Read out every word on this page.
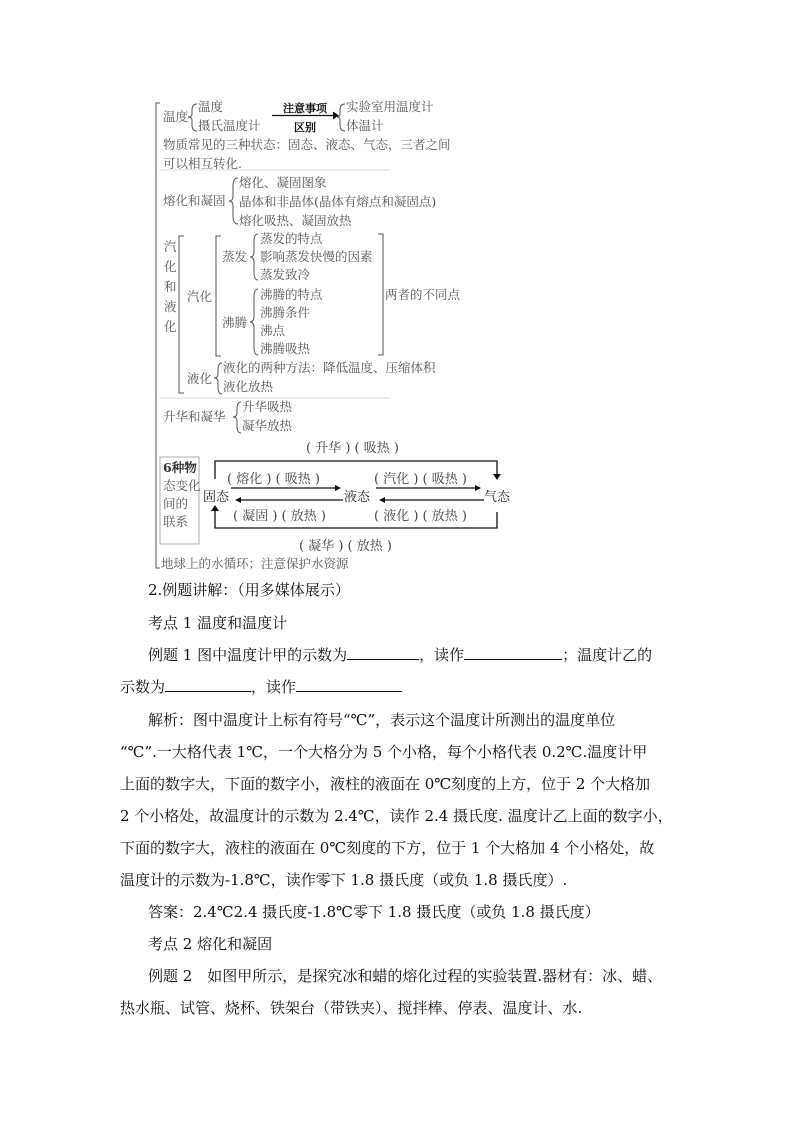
温度
温度
摄氏温度计
注意事项
区别
实验室用温度计
体温计
物质常见的三种状态：固态、液态、气态，三者之间
可以相互转化.
熔化和凝固
熔化、凝固图象
晶体和非晶体(晶体有熔点和凝固点)
熔化吸热、凝固放热
汽
化
和
液
化
汽化
蒸发
蒸发的特点
影响蒸发快慢的因素
蒸发致冷
沸腾
沸腾的特点
沸腾条件
沸点
沸腾吸热
两者的不同点
液化
液化的两种方法：降低温度、压缩体积
液化放热
升华和凝华
升华吸热
凝华放热
6种物
态变化
间的
联系
( 升华 ) ( 吸热 )
( 熔化 ) ( 吸热 )	( 汽化 ) ( 吸热 )
固态	液态	气态
( 凝固 ) ( 放热 )	( 液化 ) ( 放热 )
( 凝华 ) ( 放热 )
地球上的水循环；注意保护水资源
2.例题讲解：（用多媒体展示）
考点 1 温度和温度计
例题 1 图中温度计甲的示数为	，读作	；温度计乙的
示数为	，读作
解析：图中温度计上标有符号“℃”，表示这个温度计所测出的温度单位
“℃”.一大格代表 1℃，一个大格分为 5 个小格，每个小格代表 0.2℃.温度计甲
上面的数字大，下面的数字小，液柱的液面在 0℃刻度的上方，位于 2 个大格加
2 个小格处，故温度计的示数为 2.4℃，读作 2.4 摄氏度. 温度计乙上面的数字小，
下面的数字大，液柱的液面在 0℃刻度的下方，位于 1 个大格加 4 个小格处，故
温度计的示数为-1.8℃，读作零下 1.8 摄氏度（或负 1.8 摄氏度）.
答案：2.4℃2.4 摄氏度-1.8℃零下 1.8 摄氏度（或负 1.8 摄氏度）
考点 2 熔化和凝固
例题 2　如图甲所示，是探究冰和蜡的熔化过程的实验装置.器材有：冰、蜡、
热水瓶、试管、烧杯、铁架台（带铁夹）、搅拌棒、停表、温度计、水.
